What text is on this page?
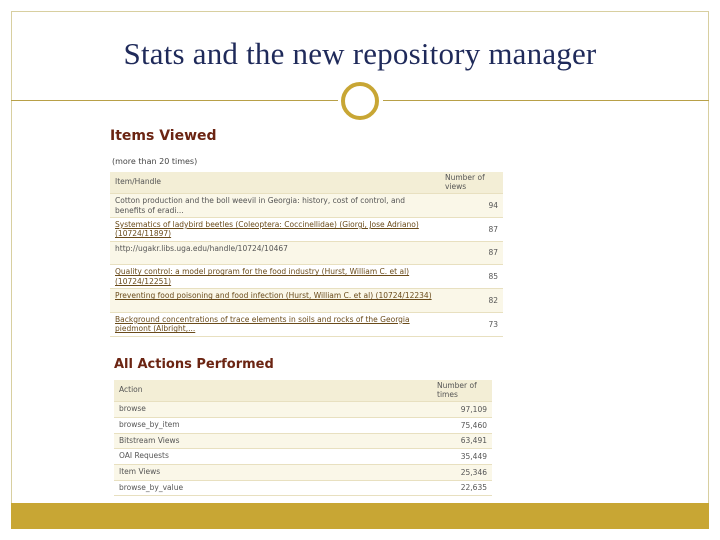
Stats and the new repository manager
Items Viewed
(more than 20 times)
Item/Handle	Number of views
Cotton production and the boll weevil in Georgia: history, cost of control, and benefits of eradi...	94
Systematics of ladybird beetles (Coleoptera: Coccinellidae) (Giorgi, Jose Adriano) (10724/11897)	87
http://ugakr.libs.uga.edu/handle/10724/10467	87
Quality control: a model program for the food industry (Hurst, William C. et al) (10724/12251)	85
Preventing food poisoning and food infection (Hurst, William C. et al) (10724/12234)	82
Background concentrations of trace elements in soils and rocks of the Georgia piedmont (Albright,...	73
All Actions Performed
Action	Number of times
browse	97,109
browse_by_item	75,460
Bitstream Views	63,491
OAI Requests	35,449
Item Views	25,346
browse_by_value	22,635
